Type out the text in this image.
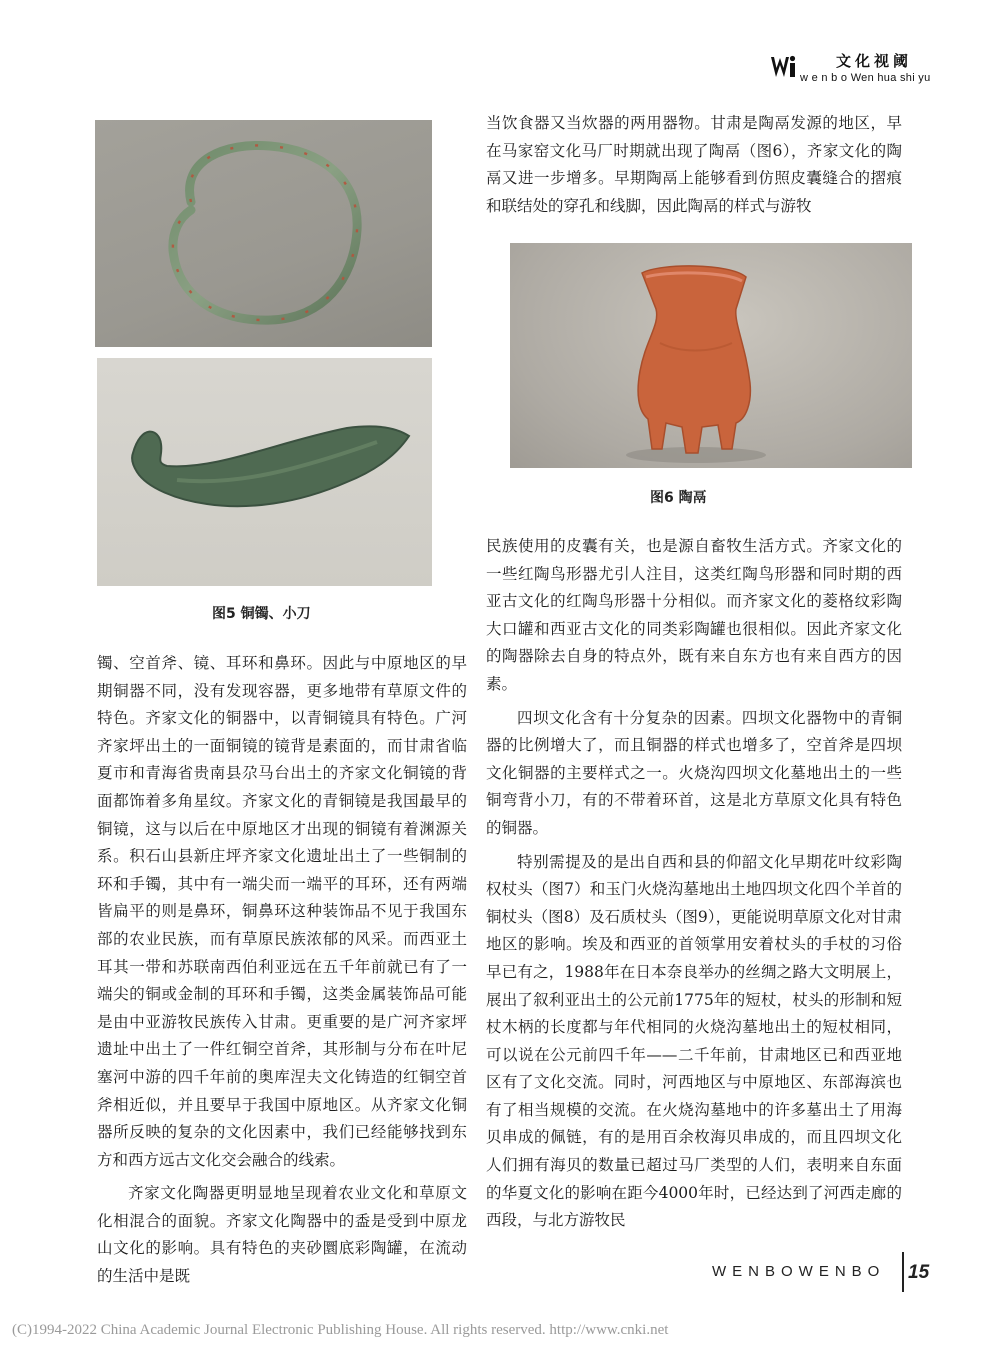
文化视阈
w e n b o Wen hua shi yu
图5 铜镯、小刀
图6 陶鬲

镯、空首斧、镜、耳环和鼻环。因此与中原地区的早期铜器不同，没有发现容器，更多地带有草原文件的特色。齐家文化的铜器中，以青铜镜具有特色。广河齐家坪出土的一面铜镜的镜背是素面的，而甘肃省临夏市和青海省贵南县尕马台出土的齐家文化铜镜的背面都饰着多角星纹。齐家文化的青铜镜是我国最早的铜镜，这与以后在中原地区才出现的铜镜有着渊源关系。积石山县新庄坪齐家文化遗址出土了一些铜制的环和手镯，其中有一端尖而一端平的耳环，还有两端皆扁平的则是鼻环，铜鼻环这种装饰品不见于我国东部的农业民族，而有草原民族浓郁的风采。而西亚土耳其一带和苏联南西伯利亚远在五千年前就已有了一端尖的铜或金制的耳环和手镯，这类金属装饰品可能是由中亚游牧民族传入甘肃。更重要的是广河齐家坪遗址中出土了一件红铜空首斧，其形制与分布在叶尼塞河中游的四千年前的奥库涅夫文化铸造的红铜空首斧相近似，并且要早于我国中原地区。从齐家文化铜器所反映的复杂的文化因素中，我们已经能够找到东方和西方远古文化交会融合的线索。

齐家文化陶器更明显地呈现着农业文化和草原文化相混合的面貌。齐家文化陶器中的盉是受到中原龙山文化的影响。具有特色的夹砂圜底彩陶罐，在流动的生活中是既

当饮食器又当炊器的两用器物。甘肃是陶鬲发源的地区，早在马家窑文化马厂时期就出现了陶鬲（图6），齐家文化的陶鬲又进一步增多。早期陶鬲上能够看到仿照皮囊缝合的摺痕和联结处的穿孔和线脚，因此陶鬲的样式与游牧

民族使用的皮囊有关，也是源自畜牧生活方式。齐家文化的一些红陶鸟形器尤引人注目，这类红陶鸟形器和同时期的西亚古文化的红陶鸟形器十分相似。而齐家文化的菱格纹彩陶大口罐和西亚古文化的同类彩陶罐也很相似。因此齐家文化的陶器除去自身的特点外，既有来自东方也有来自西方的因素。

四坝文化含有十分复杂的因素。四坝文化器物中的青铜器的比例增大了，而且铜器的样式也增多了，空首斧是四坝文化铜器的主要样式之一。火烧沟四坝文化墓地出土的一些铜弯背小刀，有的不带着环首，这是北方草原文化具有特色的铜器。

特别需提及的是出自西和县的仰韶文化早期花叶纹彩陶权杖头（图7）和玉门火烧沟墓地出土地四坝文化四个羊首的铜杖头（图8）及石质杖头（图9），更能说明草原文化对甘肃地区的影响。埃及和西亚的首领掌用安着杖头的手杖的习俗早已有之，1988年在日本奈良举办的丝绸之路大文明展上，展出了叙利亚出土的公元前1775年的短杖，杖头的形制和短杖木柄的长度都与年代相同的火烧沟墓地出土的短杖相同，可以说在公元前四千年——二千年前，甘肃地区已和西亚地区有了文化交流。同时，河西地区与中原地区、东部海滨也有了相当规模的交流。在火烧沟墓地中的许多墓出土了用海贝串成的佩链，有的是用百余枚海贝串成的，而且四坝文化人们拥有海贝的数量已超过马厂类型的人们，表明来自东面的华夏文化的影响在距今4000年时，已经达到了河西走廊的西段，与北方游牧民

WENBOWENBO 15
(C)1994-2022 China Academic Journal Electronic Publishing House. All rights reserved. http://www.cnki.net
